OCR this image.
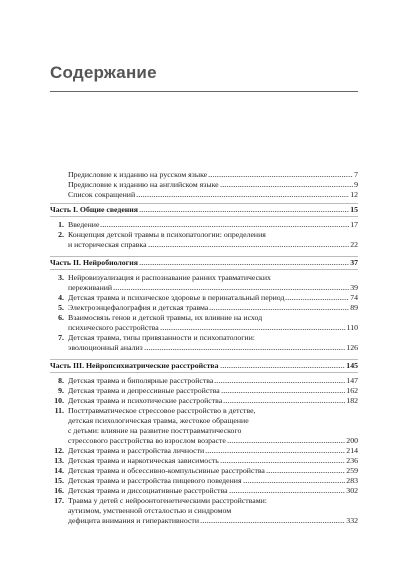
Содержание
Предисловие к изданию на русском языке	7
Предисловие к изданию на английском языке	9
Список сокращений	12
Часть I. Общие сведения	15
1. Введение	17
2. Концепция детской травмы в психопатологии: определения
и историческая справка	22
Часть II. Нейробиология	37
3. Нейровизуализация и распознавание ранних травматических
переживаний	39
4. Детская травма и психическое здоровье в перинатальный период	74
5. Электроэнцефалография и детская травма	89
6. Взаимосвязь генов и детской травмы, их влияние на исход
психического расстройства	110
7. Детская травма, типы привязанности и психопатологии:
эволюционный анализ	126
Часть III. Нейропсихиатрические расстройства	145
8. Детская травма и биполярные расстройства	147
9. Детская травма и депрессивные расстройства	162
10. Детская травма и психотические расстройства	182
11. Посттравматическое стрессовое расстройство в детстве,
детская психологическая травма, жестокое обращение
с детьми: влияние на развитие посттравматического
стрессового расстройства во взрослом возрасте	200
12. Детская травма и расстройства личности	214
13. Детская травма и наркотическая зависимость	236
14. Детская травма и обсессивно-компульсивные расстройства	259
15. Детская травма и расстройства пищевого поведения	283
16. Детская травма и диссоциативные расстройства	302
17. Травма у детей с нейроонтогенетическими расстройствами:
аутизмом, умственной отсталостью и синдромом
дефицита внимания и гиперактивности	332
